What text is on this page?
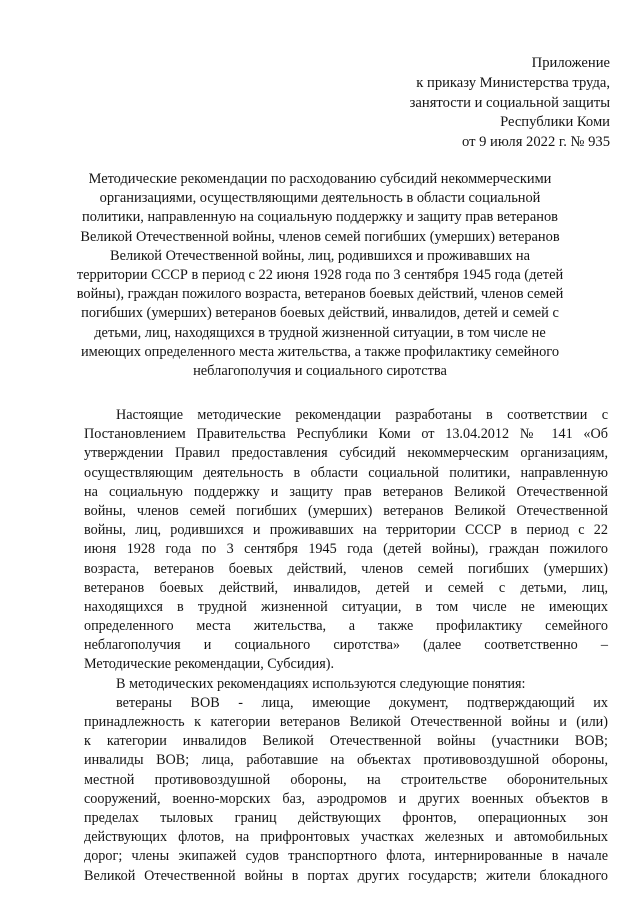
Приложение
к приказу Министерства труда,
занятости и социальной защиты
Республики Коми
от 9 июля 2022 г. № 935
Методические рекомендации по расходованию субсидий некоммерческими
организациями, осуществляющими деятельность в области социальной
политики, направленную на социальную поддержку и защиту прав ветеранов
Великой Отечественной войны, членов семей погибших (умерших) ветеранов
Великой Отечественной войны, лиц, родившихся и проживавших на
территории СССР в период с 22 июня 1928 года по 3 сентября 1945 года (детей
войны), граждан пожилого возраста, ветеранов боевых действий, членов семей
погибших (умерших) ветеранов боевых действий, инвалидов, детей и семей с
детьми, лиц, находящихся в трудной жизненной ситуации, в том числе не
имеющих определенного места жительства, а также профилактику семейного
неблагополучия и социального сиротства
Настоящие методические рекомендации разработаны в соответствии с
Постановлением Правительства Республики Коми от 13.04.2012 № 141 «Об
утверждении Правил предоставления субсидий некоммерческим организациям,
осуществляющим деятельность в области социальной политики, направленную
на социальную поддержку и защиту прав ветеранов Великой Отечественной
войны, членов семей погибших (умерших) ветеранов Великой Отечественной
войны, лиц, родившихся и проживавших на территории СССР в период с 22
июня 1928 года по 3 сентября 1945 года (детей войны), граждан пожилого
возраста, ветеранов боевых действий, членов семей погибших (умерших)
ветеранов боевых действий, инвалидов, детей и семей с детьми, лиц,
находящихся в трудной жизненной ситуации, в том числе не имеющих
определенного места жительства, а также профилактику семейного
неблагополучия и социального сиротства» (далее соответственно –
Методические рекомендации, Субсидия).
В методических рекомендациях используются следующие понятия:
ветераны ВОВ - лица, имеющие документ, подтверждающий их
принадлежность к категории ветеранов Великой Отечественной войны и (или)
к категории инвалидов Великой Отечественной войны (участники ВОВ;
инвалиды ВОВ; лица, работавшие на объектах противовоздушной обороны,
местной противовоздушной обороны, на строительстве оборонительных
сооружений, военно-морских баз, аэродромов и других военных объектов в
пределах тыловых границ действующих фронтов, операционных зон
действующих флотов, на прифронтовых участках железных и автомобильных
дорог; члены экипажей судов транспортного флота, интернированные в начале
Великой Отечественной войны в портах других государств; жители блокадного
